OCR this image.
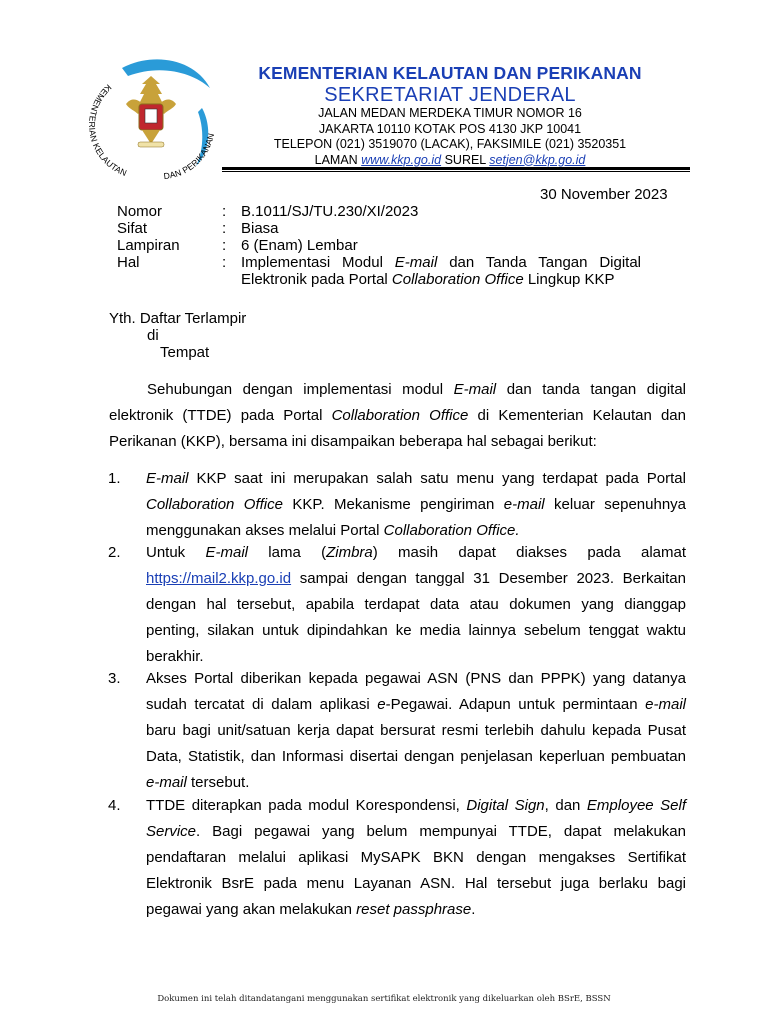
KEMENTERIAN KELAUTAN	DAN PERIKANAN
KEMENTERIAN KELAUTAN DAN PERIKANAN
SEKRETARIAT JENDERAL
JALAN MEDAN MERDEKA TIMUR NOMOR 16
JAKARTA 10110 KOTAK POS 4130 JKP 10041
TELEPON (021) 3519070 (LACAK), FAKSIMILE (021) 3520351
LAMAN www.kkp.go.id SUREL setjen@kkp.go.id
30 November 2023
Nomor	: B.1011/SJ/TU.230/XI/2023
Sifat	: Biasa
Lampiran	: 6 (Enam) Lembar
Hal	: Implementasi Modul E-mail dan Tanda Tangan Digital
Elektronik pada Portal Collaboration Office Lingkup KKP
Yth. Daftar Terlampir
di
Tempat
Sehubungan dengan implementasi modul E-mail dan tanda tangan digital
elektronik (TTDE) pada Portal Collaboration Office di Kementerian Kelautan dan
Perikanan (KKP), bersama ini disampaikan beberapa hal sebagai berikut:
1. E-mail KKP saat ini merupakan salah satu menu yang terdapat pada Portal
Collaboration Office KKP. Mekanisme pengiriman e-mail keluar sepenuhnya
menggunakan akses melalui Portal Collaboration Office.
2. Untuk E-mail lama (Zimbra) masih dapat diakses pada alamat
https://mail2.kkp.go.id sampai dengan tanggal 31 Desember 2023. Berkaitan
dengan hal tersebut, apabila terdapat data atau dokumen yang dianggap
penting, silakan untuk dipindahkan ke media lainnya sebelum tenggat waktu
berakhir.
3. Akses Portal diberikan kepada pegawai ASN (PNS dan PPPK) yang datanya
sudah tercatat di dalam aplikasi e-Pegawai. Adapun untuk permintaan e-mail
baru bagi unit/satuan kerja dapat bersurat resmi terlebih dahulu kepada Pusat
Data, Statistik, dan Informasi disertai dengan penjelasan keperluan pembuatan
e-mail tersebut.
4. TTDE diterapkan pada modul Korespondensi, Digital Sign, dan Employee Self
Service. Bagi pegawai yang belum mempunyai TTDE, dapat melakukan
pendaftaran melalui aplikasi MySAPK BKN dengan mengakses Sertifikat
Elektronik BsrE pada menu Layanan ASN. Hal tersebut juga berlaku bagi
pegawai yang akan melakukan reset passphrase.
Dokumen ini telah ditandatangani menggunakan sertifikat elektronik yang dikeluarkan oleh BSrE, BSSN
